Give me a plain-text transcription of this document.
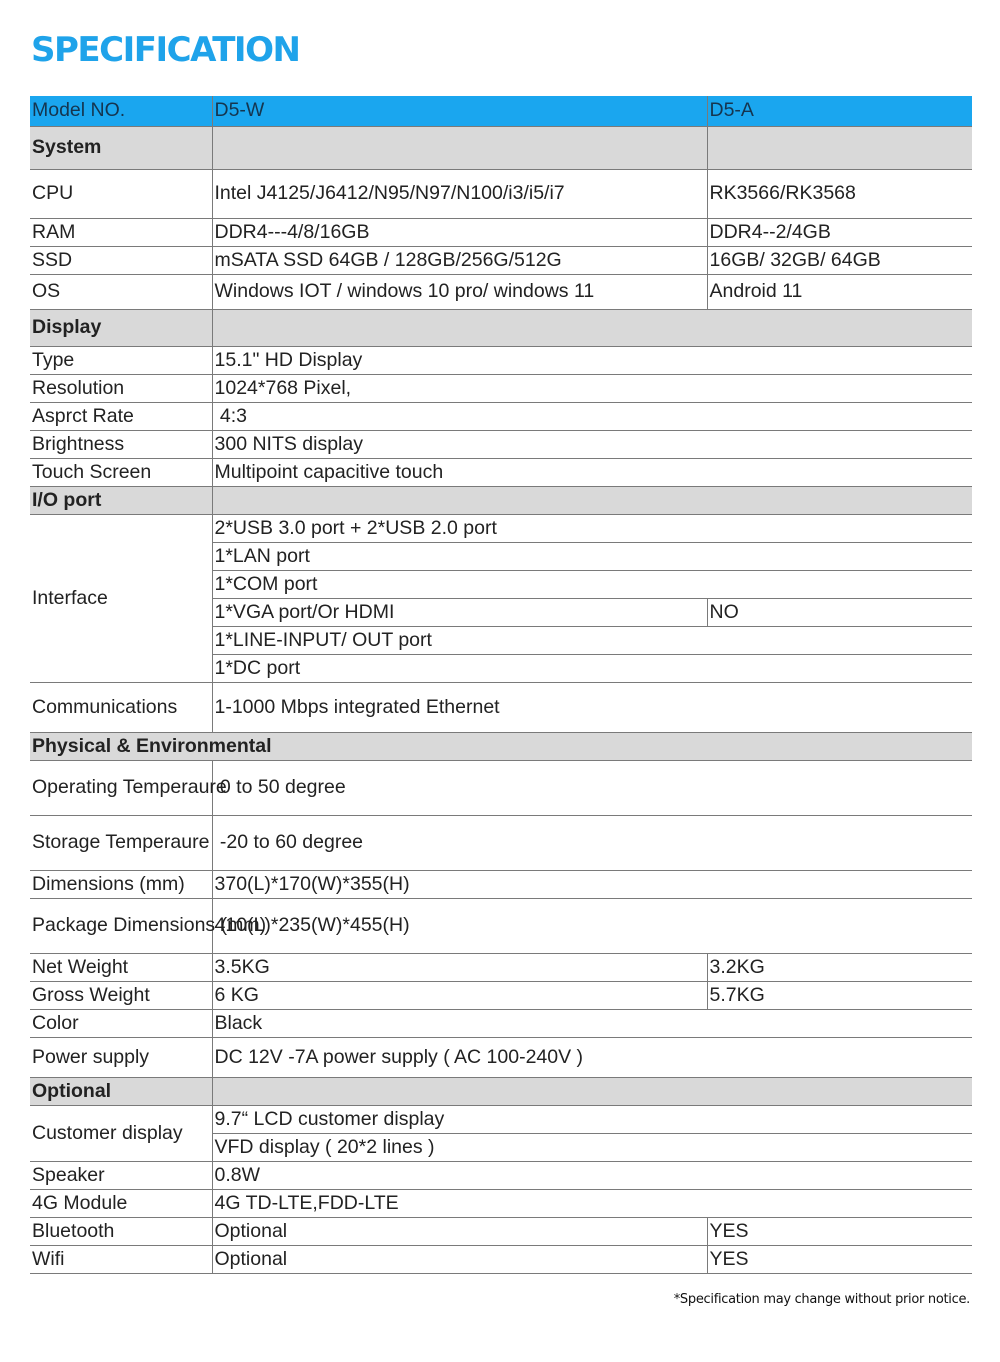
SPECIFICATION
Model NO.	D5-W	D5-A
System		
CPU	Intel J4125/J6412/N95/N97/N100/i3/i5/i7	RK3566/RK3568
RAM	DDR4---4/8/16GB	DDR4--2/4GB
SSD	mSATA SSD 64GB / 128GB/256G/512G	16GB/ 32GB/ 64GB
OS	Windows IOT / windows 10 pro/ windows 11	Android 11
Display		
Type	15.1" HD Display	
Resolution	1024*768 Pixel,	
Asprct Rate	4:3	
Brightness	300 NITS display	
Touch Screen	Multipoint capacitive touch	
I/O port		
Interface	2*USB 3.0 port + 2*USB 2.0 port	
	1*LAN port	
	1*COM port	
	1*VGA port/Or HDMI	NO
	1*LINE-INPUT/ OUT port	
	1*DC port	
Communications	1-1000 Mbps integrated Ethernet	
Physical & Environmental		
Operating Temperaure	0 to 50 degree	
Storage Temperaure	-20 to 60 degree	
Dimensions (mm)	370(L)*170(W)*355(H)	
Package Dimensions (mm)	410(L)*235(W)*455(H)	
Net Weight	3.5KG	3.2KG
Gross Weight	6 KG	5.7KG
Color	Black	
Power supply	DC 12V -7A power supply ( AC 100-240V )	
Optional		
Customer display	9.7“ LCD customer display	
	VFD display ( 20*2 lines )	
Speaker	0.8W	
4G Module	4G TD-LTE,FDD-LTE	
Bluetooth	Optional	YES
Wifi	Optional	YES
*Specification may change without prior notice.
